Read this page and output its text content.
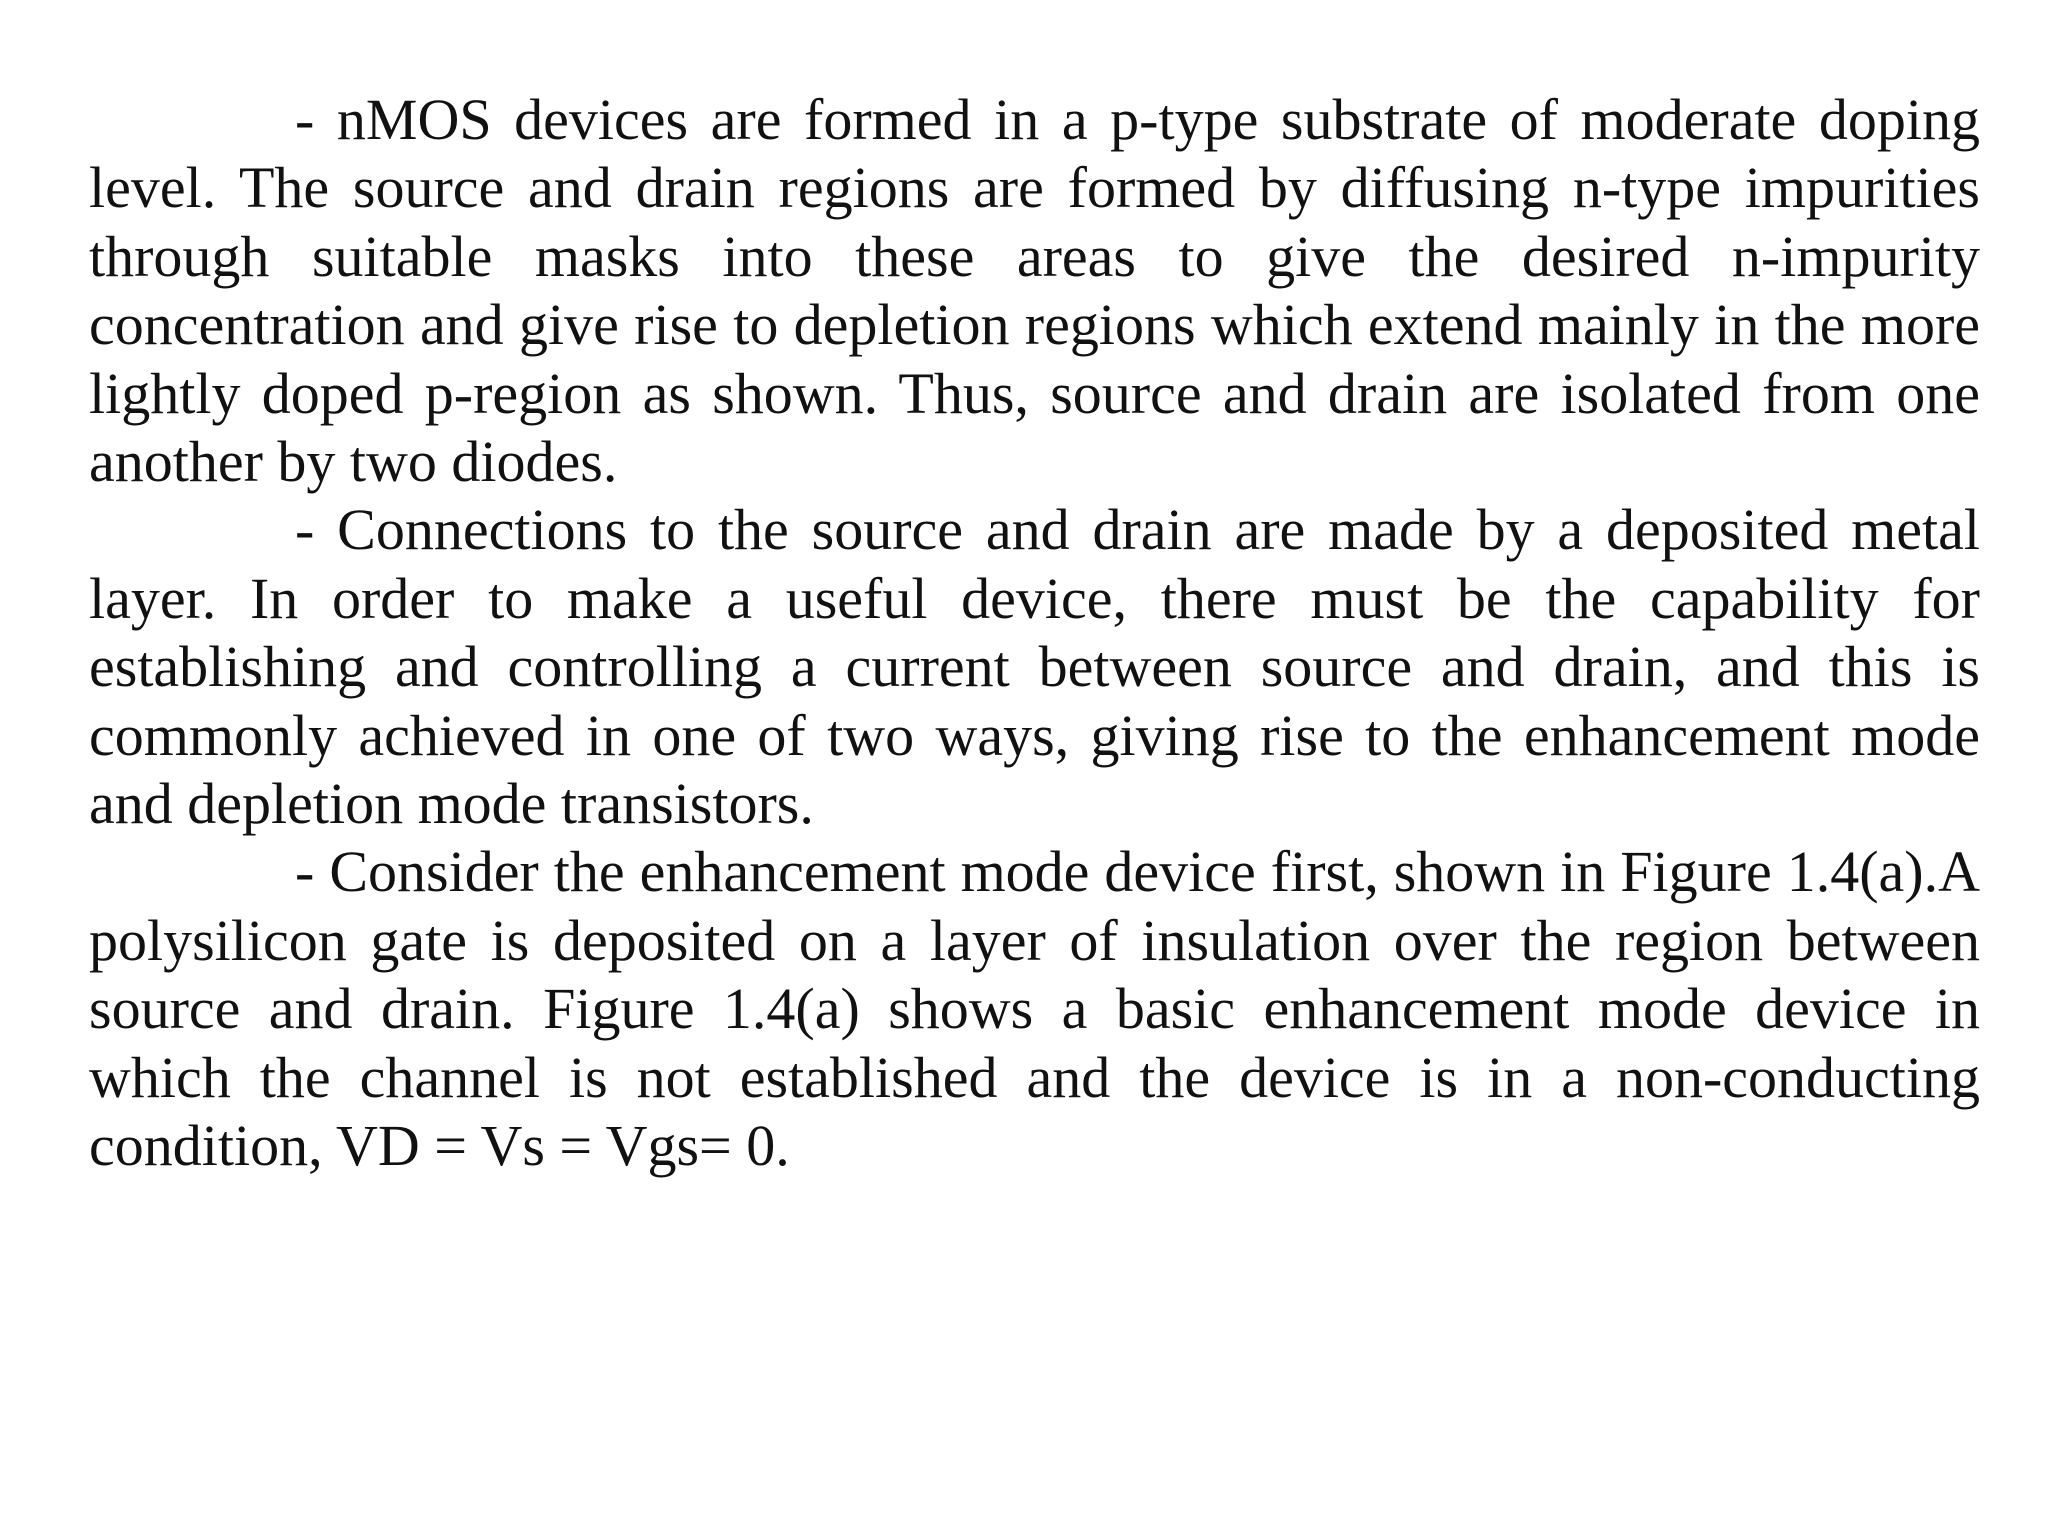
- nMOS devices are formed in a p-type substrate of moderate doping level. The source and drain regions are formed by diffusing n-type impurities through suitable masks into these areas to give the desired n-impurity concentration and give rise to depletion regions which extend mainly in the more lightly doped p-region as shown. Thus, source and drain are isolated from one another by two diodes.

- Connections to the source and drain are made by a deposited metal layer. In order to make a useful device, there must be the capability for establishing and controlling a current between source and drain, and this is commonly achieved in one of two ways, giving rise to the enhancement mode and depletion mode transistors.

- Consider the enhancement mode device first, shown in Figure 1.4(a).A polysilicon gate is deposited on a layer of insulation over the region between source and drain. Figure 1.4(a) shows a basic enhancement mode device in which the channel is not established and the device is in a non-conducting condition, VD = Vs = Vgs= 0.
